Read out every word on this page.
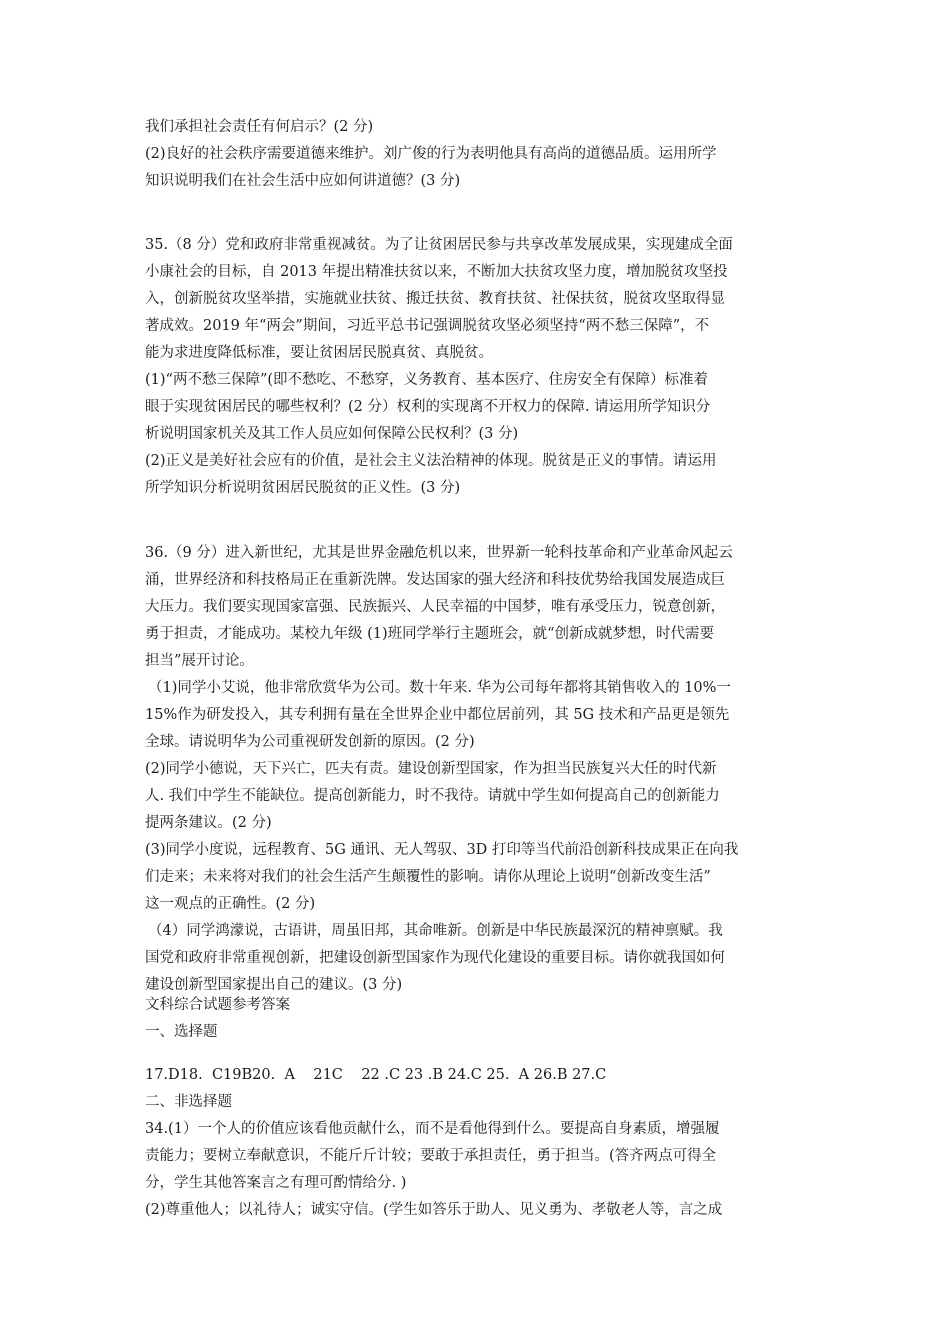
我们承担社会责任有何启示？(2 分)
(2)良好的社会秩序需要道德来维护。刘广俊的行为表明他具有高尚的道德品质。运用所学
知识说明我们在社会生活中应如何讲道德？(3 分)
35.（8 分）党和政府非常重视减贫。为了让贫困居民参与共享改革发展成果，实现建成全面
小康社会的目标，自 2013 年提出精准扶贫以来，不断加大扶贫攻坚力度，增加脱贫攻坚投
入，创新脱贫攻坚举措，实施就业扶贫、搬迁扶贫、教育扶贫、社保扶贫，脱贫攻坚取得显
著成效。2019 年“两会”期间，习近平总书记强调脱贫攻坚必须坚持“两不愁三保障”，不
能为求进度降低标准，要让贫困居民脱真贫、真脱贫。
(1)“两不愁三保障”(即不愁吃、不愁穿，义务教育、基本医疗、住房安全有保障）标准着
眼于实现贫困居民的哪些权利？(2 分）权利的实现离不开权力的保障. 请运用所学知识分
析说明国家机关及其工作人员应如何保障公民权利？(3 分)
(2)正义是美好社会应有的价值，是社会主义法治精神的体现。脱贫是正义的事情。请运用
所学知识分析说明贫困居民脱贫的正义性。(3 分)
36.（9 分）进入新世纪，尤其是世界金融危机以来，世界新一轮科技革命和产业革命风起云
涌，世界经济和科技格局正在重新洗牌。发达国家的强大经济和科技优势给我国发展造成巨
大压力。我们要实现国家富强、民族振兴、人民幸福的中国梦，唯有承受压力，锐意创新，
勇于担责，才能成功。某校九年级 (1)班同学举行主题班会，就“创新成就梦想，时代需要
担当”展开讨论。
（1)同学小艾说，他非常欣赏华为公司。数十年来. 华为公司每年都将其销售收入的 10%一
15%作为研发投入，其专利拥有量在全世界企业中都位居前列，其 5G 技术和产品更是领先
全球。请说明华为公司重视研发创新的原因。(2 分)
(2)同学小德说，天下兴亡，匹夫有责。建设创新型国家，作为担当民族复兴大任的时代新
人. 我们中学生不能缺位。提高创新能力，时不我待。请就中学生如何提高自己的创新能力
提两条建议。(2 分)
(3)同学小度说，远程教育、5G 通讯、无人驾驭、3D 打印等当代前沿创新科技成果正在向我
们走来；未来将对我们的社会生活产生颠覆性的影响。请你从理论上说明“创新改变生活”
这一观点的正确性。(2 分)
（4）同学鸿濛说，古语讲，周虽旧邦，其命唯新。创新是中华民族最深沉的精神禀赋。我
国党和政府非常重视创新，把建设创新型国家作为现代化建设的重要目标。请你就我国如何
建设创新型国家提出自己的建议。(3 分)
文科综合试题参考答案
一、选择题
17.D18.  C19B20.  A    21C    22 .C 23 .B 24.C 25.  A 26.B 27.C
二、非选择题
34.(1）一个人的价值应该看他贡献什么，而不是看他得到什么。要提高自身素质，增强履
责能力；要树立奉献意识，不能斤斤计较；要敢于承担责任，勇于担当。(答齐两点可得全
分，学生其他答案言之有理可酌情给分. )
(2)尊重他人；以礼待人；诚实守信。(学生如答乐于助人、见义勇为、孝敬老人等，言之成
